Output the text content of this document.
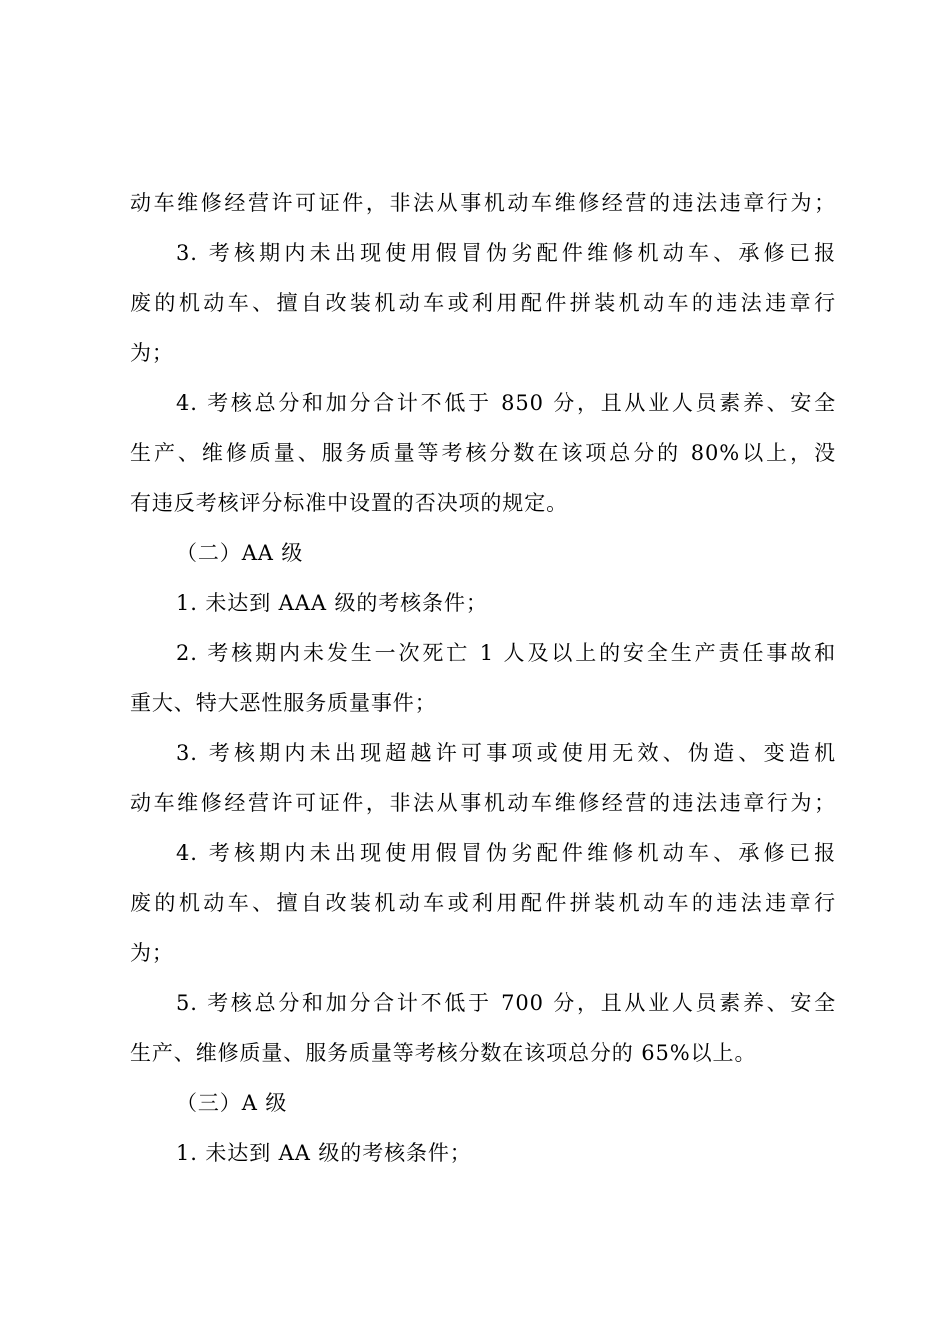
动车维修经营许可证件，非法从事机动车维修经营的违法违章行为；
3. 考核期内未出现使用假冒伪劣配件维修机动车、承修已报
废的机动车、擅自改装机动车或利用配件拼装机动车的违法违章行
为；
4. 考核总分和加分合计不低于 850 分，且从业人员素养、安全
生产、维修质量、服务质量等考核分数在该项总分的 80%以上，没
有违反考核评分标准中设置的否决项的规定。
（二）AA 级
1. 未达到 AAA 级的考核条件；
2. 考核期内未发生一次死亡 1 人及以上的安全生产责任事故和
重大、特大恶性服务质量事件；
3. 考核期内未出现超越许可事项或使用无效、伪造、变造机
动车维修经营许可证件，非法从事机动车维修经营的违法违章行为；
4. 考核期内未出现使用假冒伪劣配件维修机动车、承修已报
废的机动车、擅自改装机动车或利用配件拼装机动车的违法违章行
为；
5. 考核总分和加分合计不低于 700 分，且从业人员素养、安全
生产、维修质量、服务质量等考核分数在该项总分的 65%以上。
（三）A 级
1. 未达到 AA 级的考核条件；
